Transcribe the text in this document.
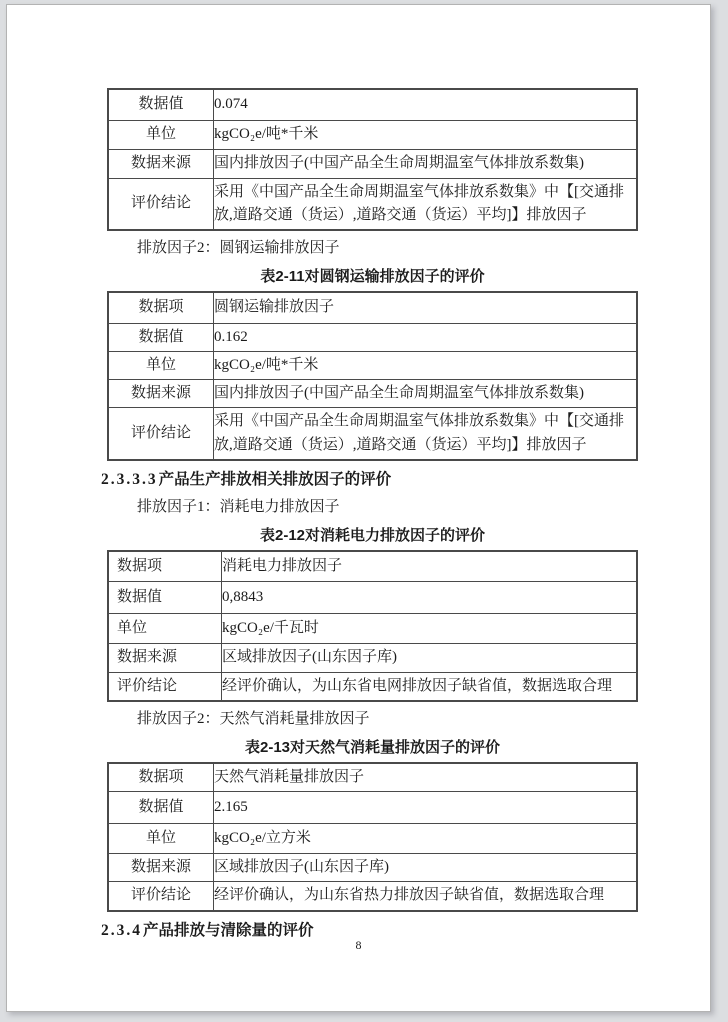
数据值	0.074
单位	kgCO₂e/吨*千米
数据来源	国内排放因子(中国产品全生命周期温室气体排放系数集)
评价结论	采用《中国产品全生命周期温室气体排放系数集》中【[交通排放,道路交通（货运）,道路交通（货运）平均]】排放因子

排放因子2：圆钢运输排放因子

表2-11对圆钢运输排放因子的评价
数据项	圆钢运输排放因子
数据值	0.162
单位	kgCO₂e/吨*千米
数据来源	国内排放因子(中国产品全生命周期温室气体排放系数集)
评价结论	采用《中国产品全生命周期温室气体排放系数集》中【[交通排放,道路交通（货运）,道路交通（货运）平均]】排放因子
2.3.3.3产品生产排放相关排放因子的评价

排放因子1：消耗电力排放因子

表2-12对消耗电力排放因子的评价
数据项	消耗电力排放因子
数据值	0,8843
单位	kgCO₂e/千瓦时
数据来源	区域排放因子(山东因子库)
评价结论	经评价确认，为山东省电网排放因子缺省值，数据选取合理

排放因子2：天然气消耗量排放因子

表2-13对天然气消耗量排放因子的评价
数据项	天然气消耗量排放因子
数据值	2.165
单位	kgCO₂e/立方米
数据来源	区域排放因子(山东因子库)
评价结论	经评价确认，为山东省热力排放因子缺省值，数据选取合理
2.3.4产品排放与清除量的评价
8
